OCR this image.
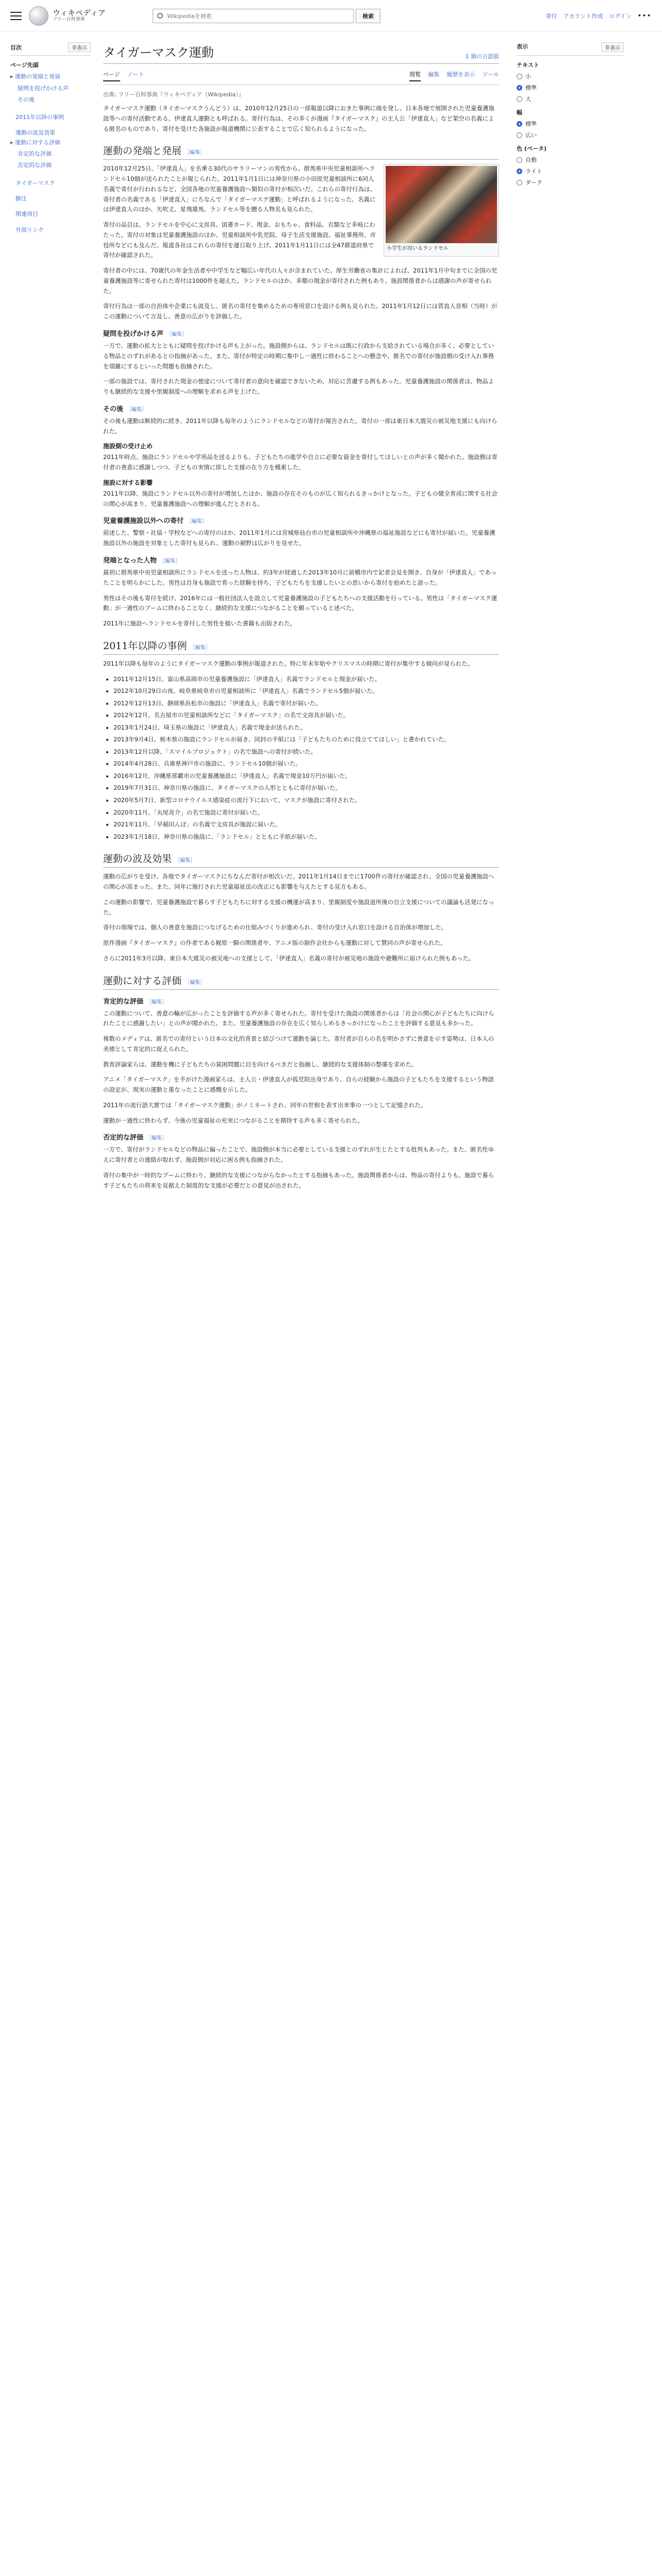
ウィキペディア
フリー百科事典
Wikipediaを検索	検索	寄付 アカウント作成 ログイン •••
目次	非表示
ページ先頭
▸ 運動の発端と発展
疑問を投げかける声
その後
2011年以降の事例
運動の波及効果
▸ 運動に対する評価
肯定的な評価
否定的な評価
タイガーマスク
脚注
関連項目
外部リンク
タイガーマスク運動	1 個の言語版
ページ ノート	閲覧 編集 履歴を表示 ツール
出典: フリー百科事典『ウィキペディア（Wikipedia）』

タイガーマスク運動（タイガーマスクうんどう）は、2010年12月25日の一部報道以降におきた事例に端を発し、日本各地で展開された児童養護施設等への寄付活動である。伊達直人運動とも呼ばれる。寄付行為は、その多くが漫画『タイガーマスク』の主人公「伊達直人」など架空の名義による匿名のものであり、寄付を受けた各施設が報道機関に公表することで広く知られるようになった。

運動の発端と発展 ［編集］
小学生が用いるランドセル

2010年12月25日、「伊達直人」を名乗る30代のサラリーマンの男性から、群馬県中央児童相談所へランドセル10個が送られたことが報じられた。2011年1月1日には神奈川県の小田原児童相談所に6同人名義で寄付が行われるなど、全国各地の児童養護施設へ類似の寄付が相次いだ。これらの寄付行為は、寄付者の名義である「伊達直人」にちなんで「タイガーマスク運動」と呼ばれるようになった。名義には伊達直人のほか、矢吹丈、星飛雄馬、ランドセル等を贈る人物名も見られた。

寄付の品目は、ランドセルを中心に文房具、図書カード、現金、おもちゃ、食料品、衣類など多岐にわたった。寄付の対象は児童養護施設のほか、児童相談所や乳児院、母子生活支援施設、福祉事務所、市役所などにも及んだ。報道各社はこれらの寄付を連日取り上げ、2011年1月11日には全47都道府県で寄付が確認された。

寄付者の中には、70歳代の年金生活者や中学生など幅広い年代の人々が含まれていた。厚生労働省の集計によれば、2011年1月中旬までに全国の児童養護施設等に寄せられた寄付は1000件を超えた。ランドセルのほか、多額の現金が寄付された例もあり、施設関係者からは感謝の声が寄せられた。

寄付行為は一部の自治体や企業にも波及し、匿名の寄付を集めるための専用窓口を設ける例も見られた。2011年1月12日には菅直人首相（当時）がこの運動について言及し、善意の広がりを評価した。

疑問を投げかける声 ［編集］

一方で、運動の拡大とともに疑問を投げかける声も上がった。施設側からは、ランドセルは既に行政から支給されている場合が多く、必要としている物品とのずれがあるとの指摘があった。また、寄付が特定の時期に集中し一過性に終わることへの懸念や、匿名での寄付が施設側の受け入れ事務を煩雑にするといった問題も指摘された。

一部の施設では、寄付された現金の使途について寄付者の意向を確認できないため、対応に苦慮する例もあった。児童養護施設の関係者は、物品よりも継続的な支援や里親制度への理解を求める声を上げた。

その後 ［編集］

その後も運動は断続的に続き、2011年以降も毎年のようにランドセルなどの寄付が報告された。寄付の一部は東日本大震災の被災地支援にも向けられた。

施設側の受け止め

2011年時点、施設にランドセルや学用品を送るよりも、子どもたちの進学や自立に必要な資金を寄付してほしいとの声が多く聞かれた。施設側は寄付者の善意に感謝しつつ、子どもの実情に即した支援の在り方を模索した。

施設に対する影響

2011年以降、施設にランドセル以外の寄付が増加したほか、施設の存在そのものが広く知られるきっかけとなった。子どもの健全育成に関する社会の関心が高まり、児童養護施設への理解が進んだとされる。

児童養護施設以外への寄付 ［編集］

前述した、警察・社協・学校などへの寄付のほか、2011年1月には宮城県仙台市の児童相談所や沖縄県の福祉施設などにも寄付が届いた。児童養護施設以外の施設を対象とした寄付も見られ、運動の裾野は広がりを見せた。

発端となった人物 ［編集］

最初に群馬県中央児童相談所にランドセルを送った人物は、約3年が経過した2013年10月に前橋市内で記者会見を開き、自身が「伊達直人」であったことを明らかにした。男性は自身も施設で育った経験を持ち、子どもたちを支援したいとの思いから寄付を始めたと語った。

男性はその後も寄付を続け、2016年には一般社団法人を設立して児童養護施設の子どもたちへの支援活動を行っている。男性は「タイガーマスク運動」が一過性のブームに終わることなく、継続的な支援につながることを願っていると述べた。

2011年に施設へランドセルを寄付した男性を描いた書籍も出版された。

2011年以降の事例 ［編集］

2011年以降も毎年のようにタイガーマスク運動の事例が報道された。特に年末年始やクリスマスの時期に寄付が集中する傾向が見られた。

• 2011年12月15日、富山県高岡市の児童養護施設に「伊達直人」名義でランドセルと現金が届いた。
• 2012年10月29日の夜、岐阜県岐阜市の児童相談所に「伊達直人」名義でランドセル5個が届いた。
• 2012年12月13日、静岡県浜松市の施設に「伊達直人」名義で寄付が届いた。
• 2012年12月、名古屋市の児童相談所などに「タイガーマスク」の名で文房具が届いた。
• 2013年1月24日、埼玉県の施設に「伊達直人」名義で現金が送られた。
• 2013年9月4日、栃木県の施設にランドセルが届き、同封の手紙には「子どもたちのために役立ててほしい」と書かれていた。
• 2013年12月以降、「スマイルプロジェクト」の名で施設への寄付が続いた。
• 2014年4月28日、兵庫県神戸市の施設に、ランドセル10個が届いた。
• 2016年12月、沖縄県那覇市の児童養護施設に「伊達直人」名義で現金10万円が届いた。
• 2019年7月31日、神奈川県の施設に、タイガーマスクの人形とともに寄付が届いた。
• 2020年5月7日、新型コロナウイルス感染症の流行下において、マスクが施設に寄付された。
• 2020年11月、「丸尾亮介」の名で施設に寄付が届いた。
• 2021年11月、「早稲田んぼ」の名義で文房具が施設に届いた。
• 2023年1月18日、神奈川県の施設に、「ランドセル」とともに手紙が届いた。
運動の波及効果 ［編集］

運動の広がりを受け、各地でタイガーマスクにちなんだ寄付が相次いだ。2011年1月14日までに1700件の寄付が確認され、全国の児童養護施設への関心が高まった。また、同年に施行された児童福祉法の改正にも影響を与えたとする見方もある。

この運動の影響で、児童養護施設で暮らす子どもたちに対する支援の機運が高まり、里親制度や施設退所後の自立支援についての議論も活発になった。

寄付の現場では、個人の善意を施設につなげるための仕組みづくりが進められ、寄付の受け入れ窓口を設ける自治体が増加した。

原作漫画『タイガーマスク』の作者である梶原一騎の関係者や、アニメ版の制作会社からも運動に対して賛同の声が寄せられた。

さらに2011年3月以降、東日本大震災の被災地への支援として、「伊達直人」名義の寄付が被災地の施設や避難所に届けられた例もあった。

運動に対する評価 ［編集］
肯定的な評価 ［編集］

この運動について、善意の輪が広がったことを評価する声が多く寄せられた。寄付を受けた施設の関係者からは「社会の関心が子どもたちに向けられたことに感謝したい」との声が聞かれた。また、児童養護施設の存在を広く知らしめるきっかけになったことを評価する意見も多かった。

複数のメディアは、匿名での寄付という日本の文化的背景と結びつけて運動を論じた。寄付者が自らの名を明かさずに善意を示す姿勢は、日本人の美徳として肯定的に捉えられた。

教育評論家らは、運動を機に子どもたちの貧困問題に目を向けるべきだと指摘し、継続的な支援体制の整備を求めた。

アニメ「タイガーマスク」を手がけた漫画家らは、主人公・伊達直人が孤児院出身であり、自らの経験から施設の子どもたちを支援するという物語の設定が、現実の運動と重なったことに感慨を示した。

2011年の流行語大賞では「タイガーマスク運動」がノミネートされ、同年の世相を表す出来事の一つとして記憶された。

運動が一過性に終わらず、今後の児童福祉の充実につながることを期待する声も多く寄せられた。

否定的な評価 ［編集］

一方で、寄付がランドセルなどの物品に偏ったことで、施設側が本当に必要としている支援とのずれが生じたとする批判もあった。また、匿名性ゆえに寄付者との連絡が取れず、施設側が対応に困る例も指摘された。

寄付の集中が一時的なブームに終わり、継続的な支援につながらなかったとする指摘もあった。施設関係者からは、物品の寄付よりも、施設で暮らす子どもたちの将来を見据えた制度的な支援が必要だとの意見が出された。

表示	非表示
テキスト
小
標準
大
幅
標準
広い
色 (ベータ)
自動
ライト
ダーク
